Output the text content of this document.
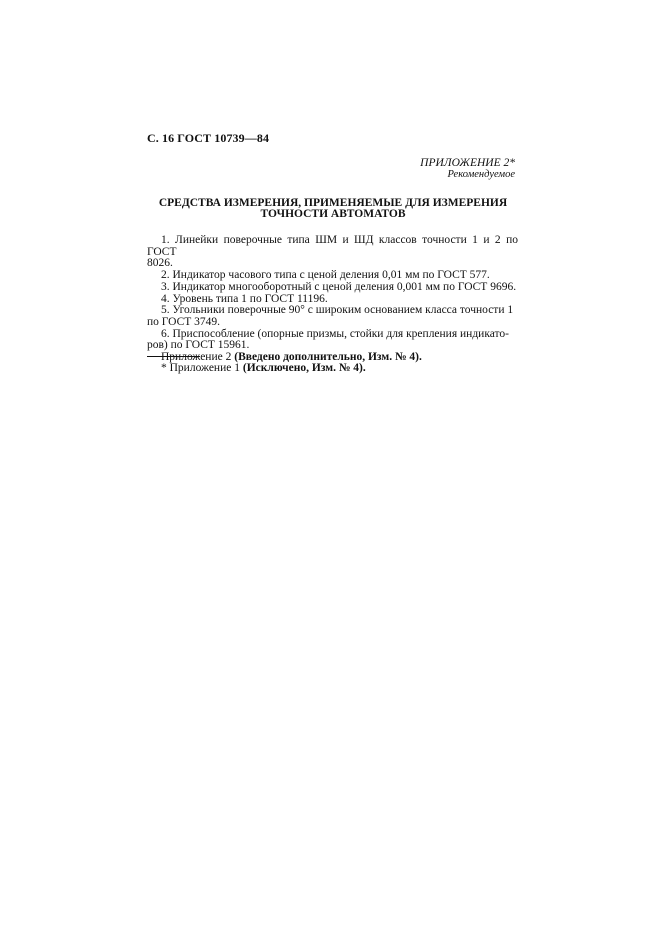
С. 16 ГОСТ 10739—84
ПРИЛОЖЕНИЕ 2*
Рекомендуемое
СРЕДСТВА ИЗМЕРЕНИЯ, ПРИМЕНЯЕМЫЕ ДЛЯ ИЗМЕРЕНИЯ
ТОЧНОСТИ АВТОМАТОВ

1. Линейки поверочные типа ШМ и ШД классов точности 1 и 2 по ГОСТ
8026.

2. Индикатор часового типа с ценой деления 0,01 мм по ГОСТ 577.

3. Индикатор многооборотный с ценой деления 0,001 мм по ГОСТ 9696.

4. Уровень типа 1 по ГОСТ 11196.

5. Угольники поверочные 90° с широким основанием класса точности 1
по ГОСТ 3749.

6. Приспособление (опорные призмы, стойки для крепления индикато-
ров) по ГОСТ 15961.

Приложение 2 (Введено дополнительно, Изм. № 4).

* Приложение 1 (Исключено, Изм. № 4).
